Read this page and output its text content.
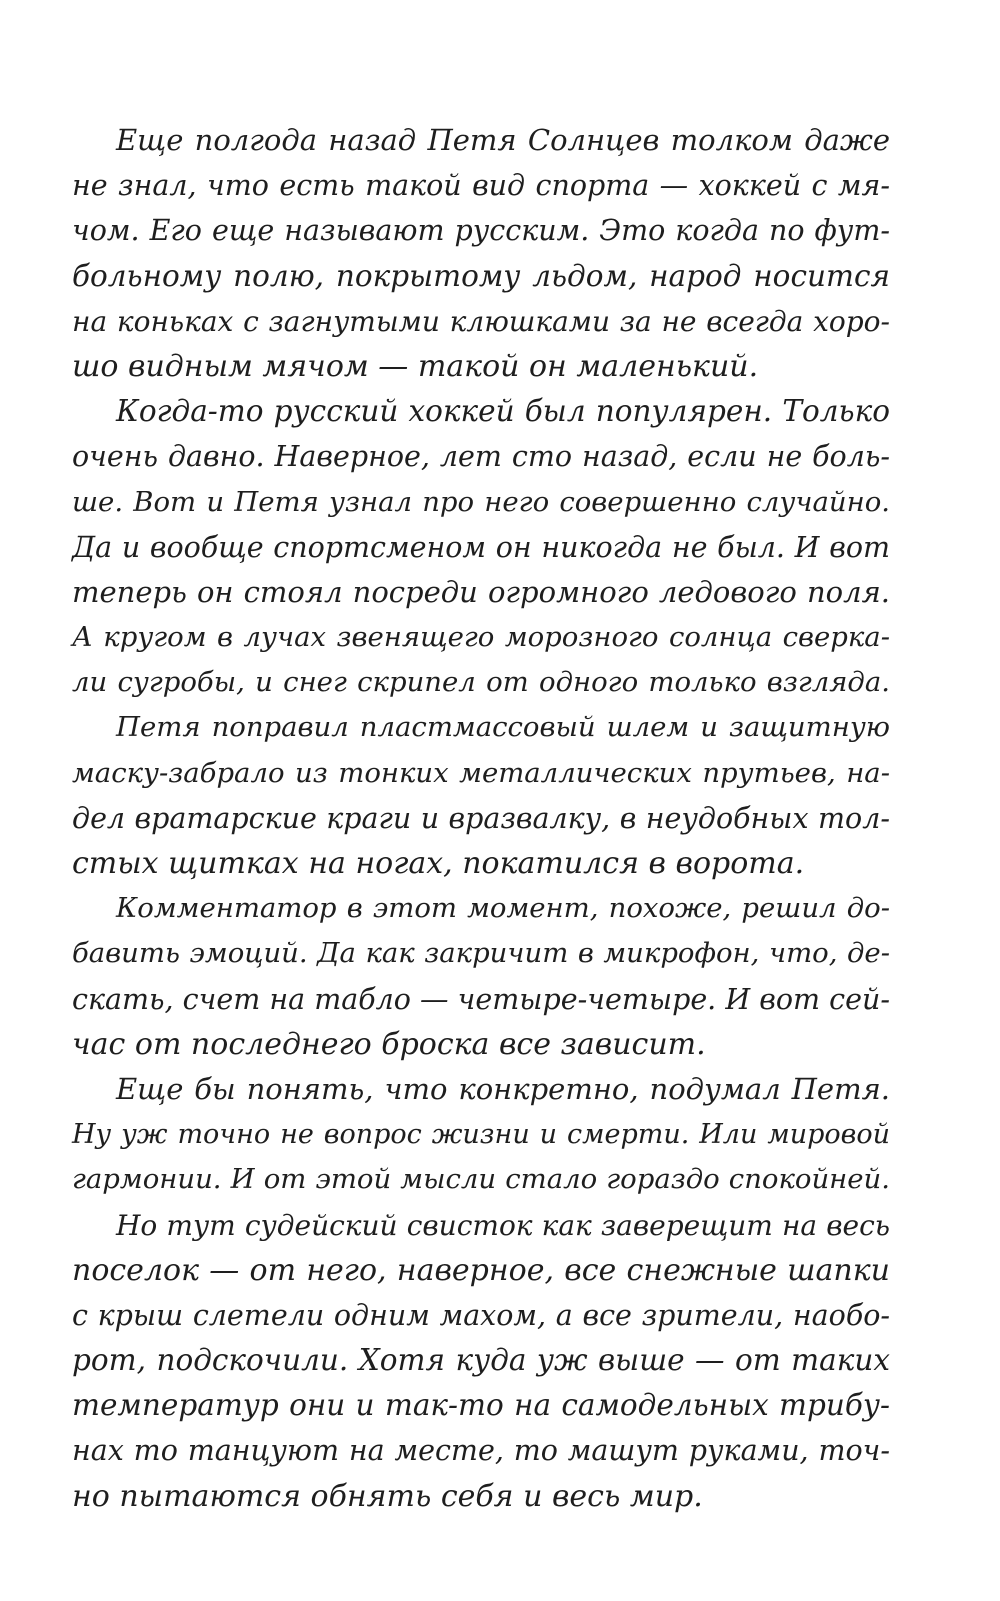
Еще полгода назад Петя Солнцев толком даже
не знал, что есть такой вид спорта — хоккей с мя-
чом. Его еще называют русским. Это когда по фут-
больному полю, покрытому льдом, народ носится
на коньках с загнутыми клюшками за не всегда хоро-
шо видным мячом — такой он маленький.

Когда-то русский хоккей был популярен. Только
очень давно. Наверное, лет сто назад, если не боль-
ше. Вот и Петя узнал про него совершенно случайно.
Да и вообще спортсменом он никогда не был. И вот
теперь он стоял посреди огромного ледового поля.
А кругом в лучах звенящего морозного солнца сверка-
ли сугробы, и снег скрипел от одного только взгляда.

Петя поправил пластмассовый шлем и защитную
маску-забрало из тонких металлических прутьев, на-
дел вратарские краги и вразвалку, в неудобных тол-
стых щитках на ногах, покатился в ворота.

Комментатор в этот момент, похоже, решил до-
бавить эмоций. Да как закричит в микрофон, что, де-
скать, счет на табло — четыре-четыре. И вот сей-
час от последнего броска все зависит.

Еще бы понять, что конкретно, подумал Петя.
Ну уж точно не вопрос жизни и смерти. Или мировой
гармонии. И от этой мысли стало гораздо спокойней.

Но тут судейский свисток как заверещит на весь
поселок — от него, наверное, все снежные шапки
с крыш слетели одним махом, а все зрители, наобо-
рот, подскочили. Хотя куда уж выше — от таких
температур они и так-то на самодельных трибу-
нах то танцуют на месте, то машут руками, точ-
но пытаются обнять себя и весь мир.
